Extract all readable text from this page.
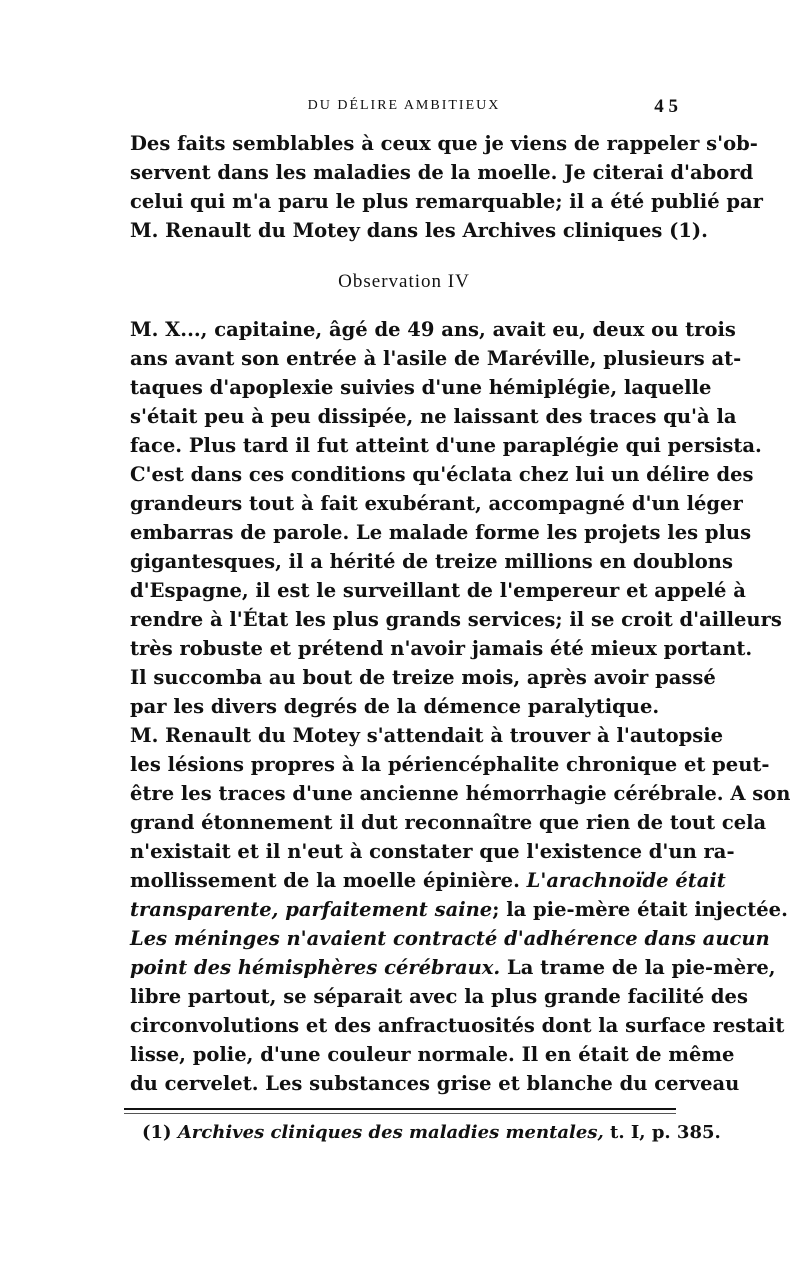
DU DÉLIRE AMBITIEUX	4 5
Des faits semblables à ceux que je viens de rappeler s'ob-
servent dans les maladies de la moelle. Je citerai d'abord
celui qui m'a paru le plus remarquable; il a été publié par
M. Renault du Motey dans les Archives cliniques (1).
Observation IV
M. X..., capitaine, âgé de 49 ans, avait eu, deux ou trois
ans avant son entrée à l'asile de Maréville, plusieurs at-
taques d'apoplexie suivies d'une hémiplégie, laquelle
s'était peu à peu dissipée, ne laissant des traces qu'à la
face. Plus tard il fut atteint d'une paraplégie qui persista.
C'est dans ces conditions qu'éclata chez lui un délire des
grandeurs tout à fait exubérant, accompagné d'un léger
embarras de parole. Le malade forme les projets les plus
gigantesques, il a hérité de treize millions en doublons
d'Espagne, il est le surveillant de l'empereur et appelé à
rendre à l'État les plus grands services; il se croit d'ailleurs
très robuste et prétend n'avoir jamais été mieux portant.
Il succomba au bout de treize mois, après avoir passé
par les divers degrés de la démence paralytique.
M. Renault du Motey s'attendait à trouver à l'autopsie
les lésions propres à la périencéphalite chronique et peut-
être les traces d'une ancienne hémorrhagie cérébrale. A son
grand étonnement il dut reconnaître que rien de tout cela
n'existait et il n'eut à constater que l'existence d'un ra-
mollissement de la moelle épinière. L'arachnoïde était
transparente, parfaitement saine; la pie-mère était injectée.
Les méninges n'avaient contracté d'adhérence dans aucun
point des hémisphères cérébraux. La trame de la pie-mère,
libre partout, se séparait avec la plus grande facilité des
circonvolutions et des anfractuosités dont la surface restait
lisse, polie, d'une couleur normale. Il en était de même
du cervelet. Les substances grise et blanche du cerveau
(1) Archives cliniques des maladies mentales, t. I, p. 385.
